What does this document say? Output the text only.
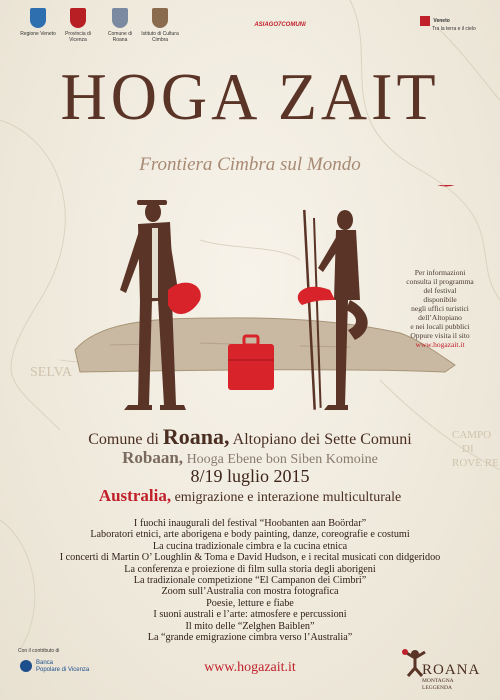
SELVA
CAMPO
DI
ROVE RE
Regione Veneto	Provincia di Vicenza
Comune di Roana
Istituto di Cultura Cimbra
ASIAGO7COMUNI
Veneto
Tra la terra e il cielo
HOGA ZAIT
Frontiera Cimbra sul Mondo
Per informazioni
consulta il programma
del festival
disponibile
negli uffici turistici
dell’Altopiano
e nei locali pubblici
Oppure visita il sito
www.hogazait.it
Comune di Roana, Altopiano dei Sette Comuni
Robaan, Hooga Ebene bon Siben Komoine
8/19 luglio 2015
Australia, emigrazione e interazione multiculturale
I fuochi inaugurali del festival “Hoobanten aan Boördar”
Laboratori etnici, arte aborigena e body painting, danze, coreografie e costumi
La cucina tradizionale cimbra e la cucina etnica
I concerti di Martin O’ Loughlin & Toma e David Hudson, e i recital musicati con didgeridoo
La conferenza e proiezione di film sulla storia degli aborigeni
La tradizionale competizione “El Campanon dei Cimbri”
Zoom sull’Australia con mostra fotografica
Poesie, letture e fiabe
I suoni australi e l’arte: atmosfere e percussioni
Il mito delle “Zelghen Baiblen”
La “grande emigrazione cimbra verso l’Australia”
www.hogazait.it
Con il contributo di
Banca
Popolare di Vicenza	ROANA
MONTAGNA
LEGGENDA
